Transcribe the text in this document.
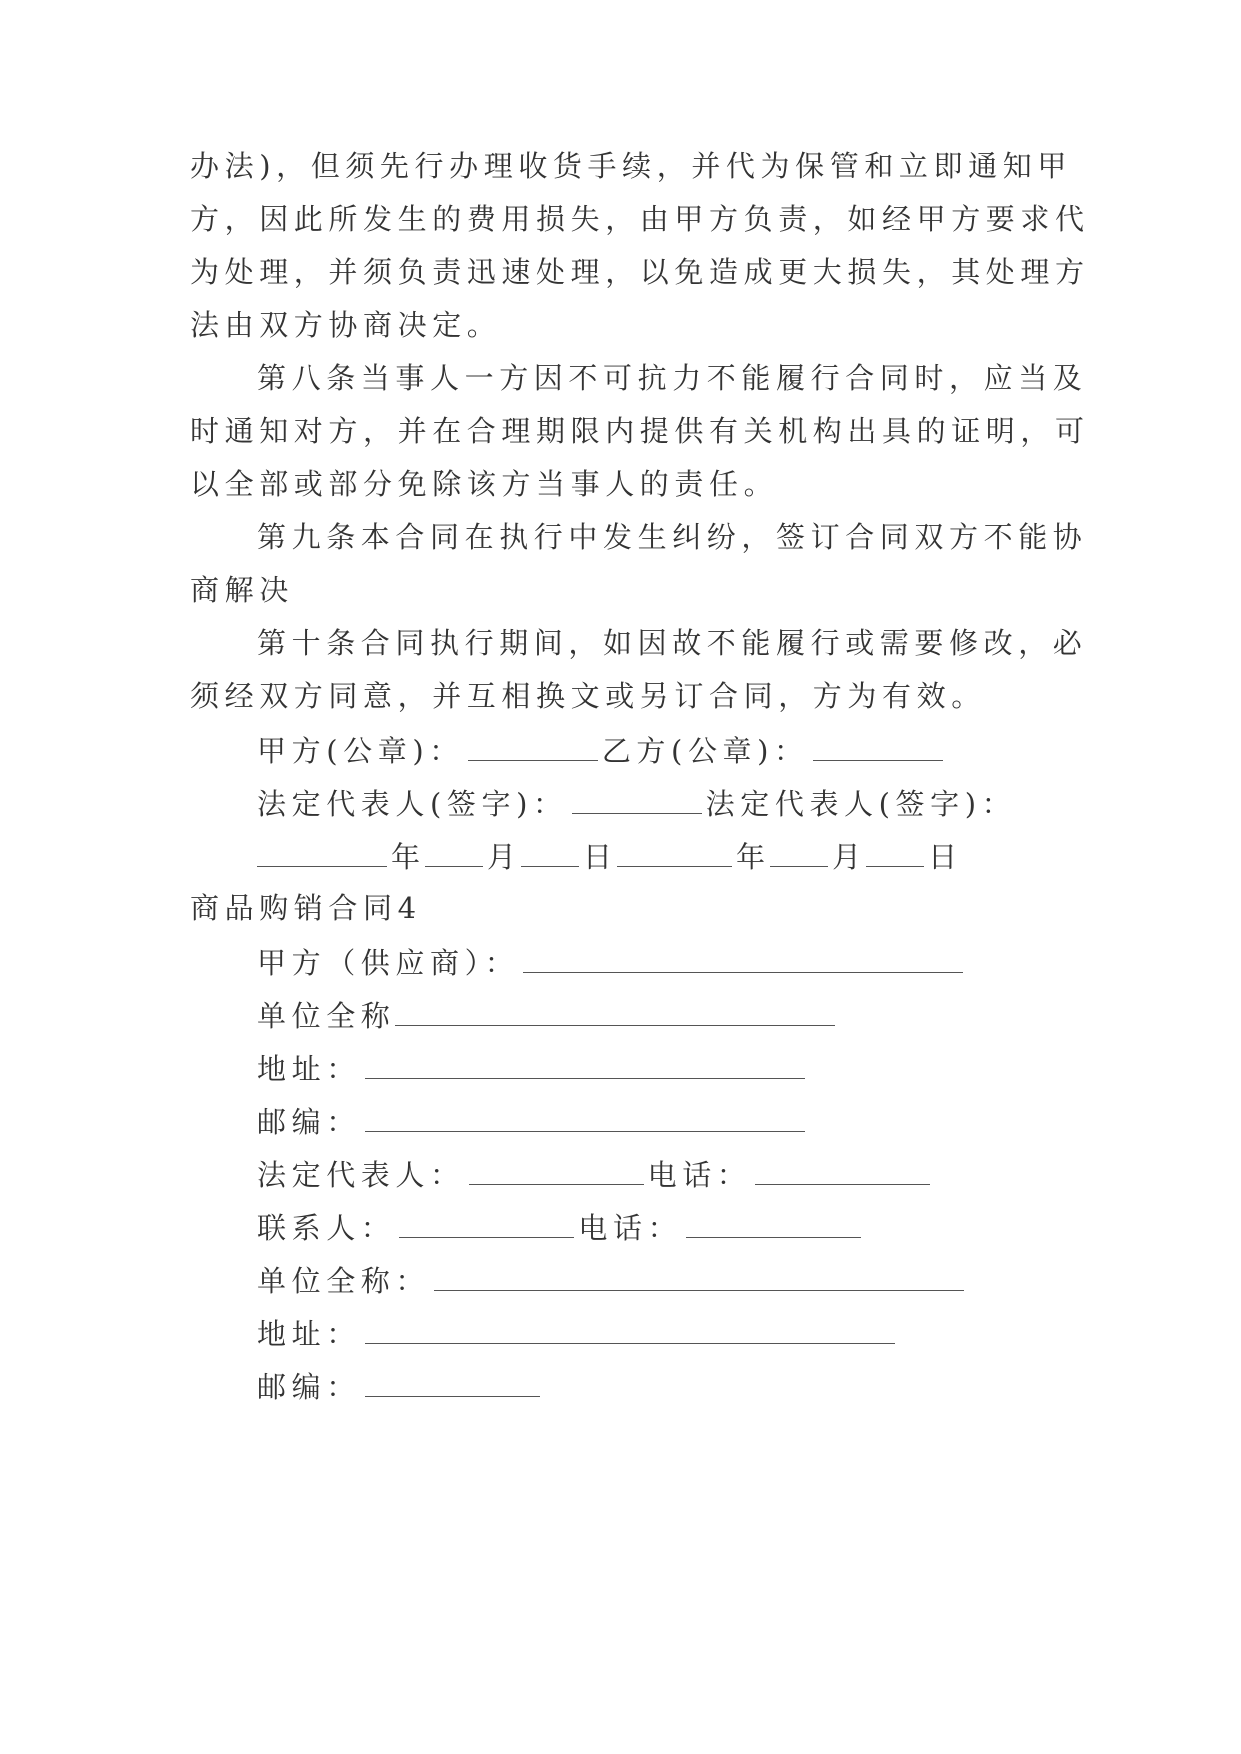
办法)，但须先行办理收货手续，并代为保管和立即通知甲
方，因此所发生的费用损失，由甲方负责，如经甲方要求代
为处理，并须负责迅速处理，以免造成更大损失，其处理方
法由双方协商决定。
第八条当事人一方因不可抗力不能履行合同时，应当及
时通知对方，并在合理期限内提供有关机构出具的证明，可
以全部或部分免除该方当事人的责任。
第九条本合同在执行中发生纠纷，签订合同双方不能协
商解决
第十条合同执行期间，如因故不能履行或需要修改，必
须经双方同意，并互相换文或另订合同，方为有效。
甲方(公章)：	乙方(公章)：
法定代表人(签字)：	法定代表人(签字)：
年 月 日	年 月 日
商品购销合同4
甲方（供应商）：
单位全称
地址：
邮编：
法定代表人：	电话：
联系人：	电话：
单位全称：
地址：
邮编：
